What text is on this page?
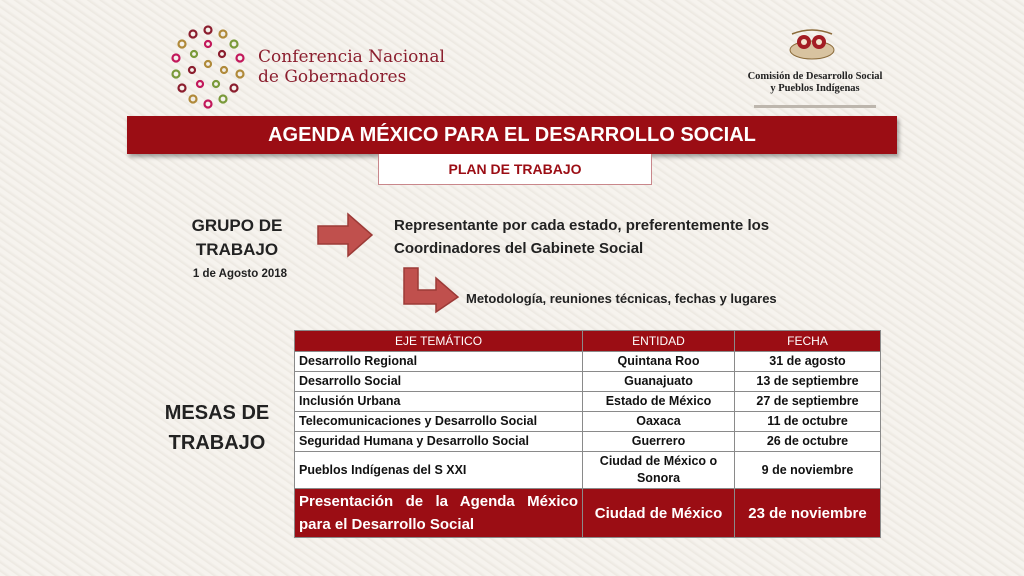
Conferencia Nacional
de Gobernadores	Comisión de Desarrollo Social
y Pueblos Indígenas
AGENDA MÉXICO PARA EL DESARROLLO SOCIAL
PLAN DE TRABAJO
GRUPO DE
TRABAJO
1 de Agosto 2018
Representante por cada estado, preferentemente los
Coordinadores del Gabinete Social
Metodología, reuniones técnicas, fechas y lugares
MESAS DE
TRABAJO
EJE TEMÁTICO	ENTIDAD	FECHA
Desarrollo Regional	Quintana Roo	31 de agosto
Desarrollo Social	Guanajuato	13 de septiembre
Inclusión Urbana	Estado de México	27 de septiembre
Telecomunicaciones y Desarrollo Social	Oaxaca	11 de octubre
Seguridad Humana y Desarrollo Social	Guerrero	26 de octubre
Pueblos Indígenas del S XXI	Ciudad de México o Sonora	9 de noviembre
Presentación de la Agenda México para el Desarrollo Social	Ciudad de México	23 de noviembre
